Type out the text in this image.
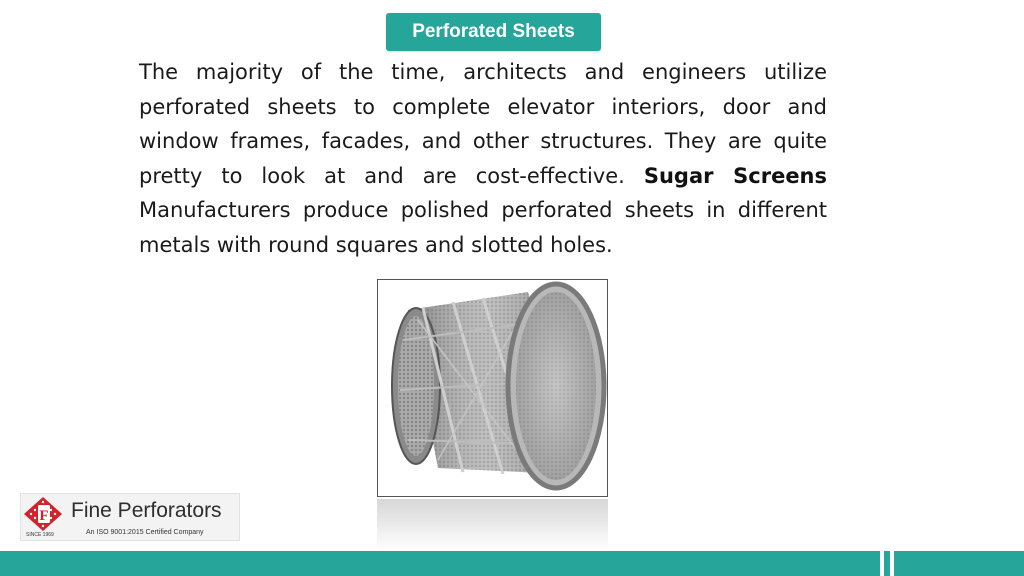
Perforated Sheets

The majority of the time, architects and engineers utilize perforated sheets to complete elevator interiors, door and window frames, facades, and other structures. They are quite pretty to look at and are cost-effective. Sugar Screens Manufacturers produce polished perforated sheets in different metals with round squares and slotted holes.

F
SINCE 1969
Fine Perforators
An ISO 9001:2015 Certified Company
